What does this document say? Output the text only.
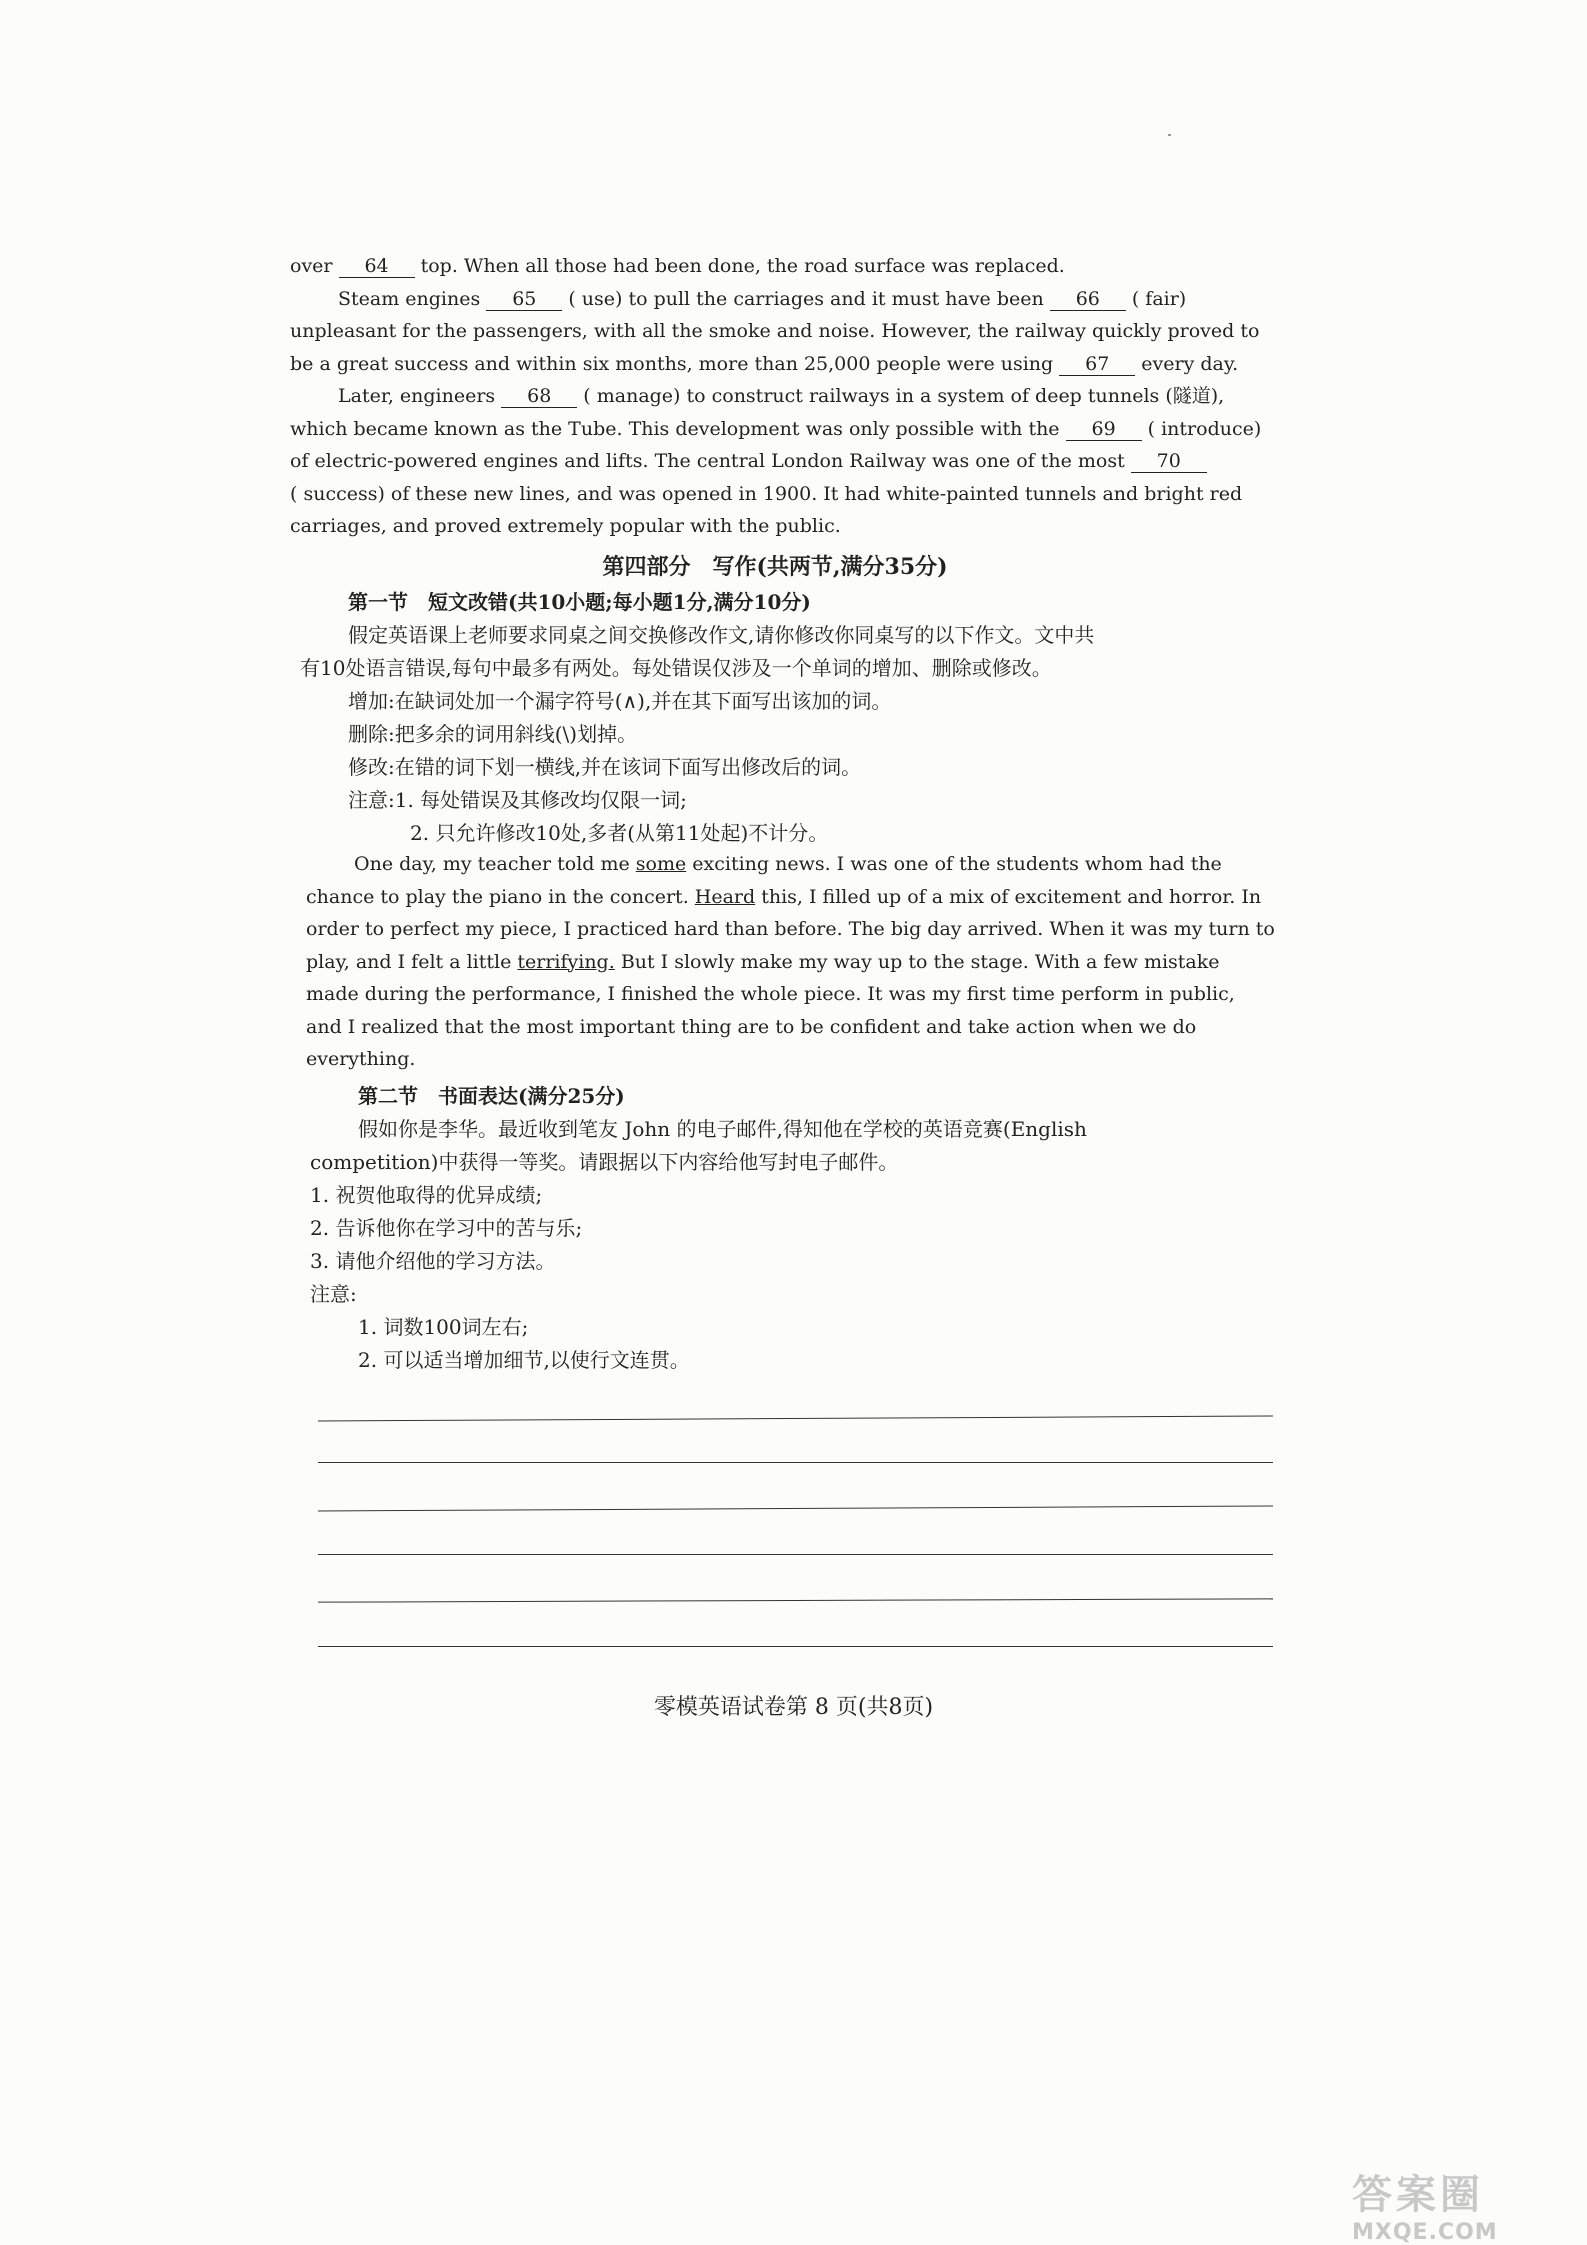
over 64 top. When all those had been done, the road surface was replaced.
Steam engines 65 ( use) to pull the carriages and it must have been 66 ( fair)
unpleasant for the passengers, with all the smoke and noise. However, the railway quickly proved to
be a great success and within six months, more than 25,000 people were using 67 every day.
Later, engineers 68 ( manage) to construct railways in a system of deep tunnels (隧道),
which became known as the Tube. This development was only possible with the 69 ( introduce)
of electric-powered engines and lifts. The central London Railway was one of the most 70
( success) of these new lines, and was opened in 1900. It had white-painted tunnels and bright red
carriages, and proved extremely popular with the public.
第四部分　写作(共两节,满分35分)
第一节　短文改错(共10小题;每小题1分,满分10分)
假定英语课上老师要求同桌之间交换修改作文,请你修改你同桌写的以下作文。文中共
有10处语言错误,每句中最多有两处。每处错误仅涉及一个单词的增加、删除或修改。
增加:在缺词处加一个漏字符号(∧),并在其下面写出该加的词。
删除:把多余的词用斜线(\)划掉。
修改:在错的词下划一横线,并在该词下面写出修改后的词。
注意:1. 每处错误及其修改均仅限一词;
2. 只允许修改10处,多者(从第11处起)不计分。
One day, my teacher told me some exciting news. I was one of the students whom had the
chance to play the piano in the concert. Heard this, I filled up of a mix of excitement and horror. In
order to perfect my piece, I practiced hard than before. The big day arrived. When it was my turn to
play, and I felt a little terrifying. But I slowly make my way up to the stage. With a few mistake
made during the performance, I finished the whole piece. It was my first time perform in public,
and I realized that the most important thing are to be confident and take action when we do
everything.
第二节　书面表达(满分25分)
假如你是李华。最近收到笔友 John 的电子邮件,得知他在学校的英语竞赛(English
competition)中获得一等奖。请跟据以下内容给他写封电子邮件。
1. 祝贺他取得的优异成绩;
2. 告诉他你在学习中的苦与乐;
3. 请他介绍他的学习方法。
注意:
1. 词数100词左右;
2. 可以适当增加细节,以使行文连贯。
零模英语试卷第 8 页(共8页)
答案圈
MXQE.COM
